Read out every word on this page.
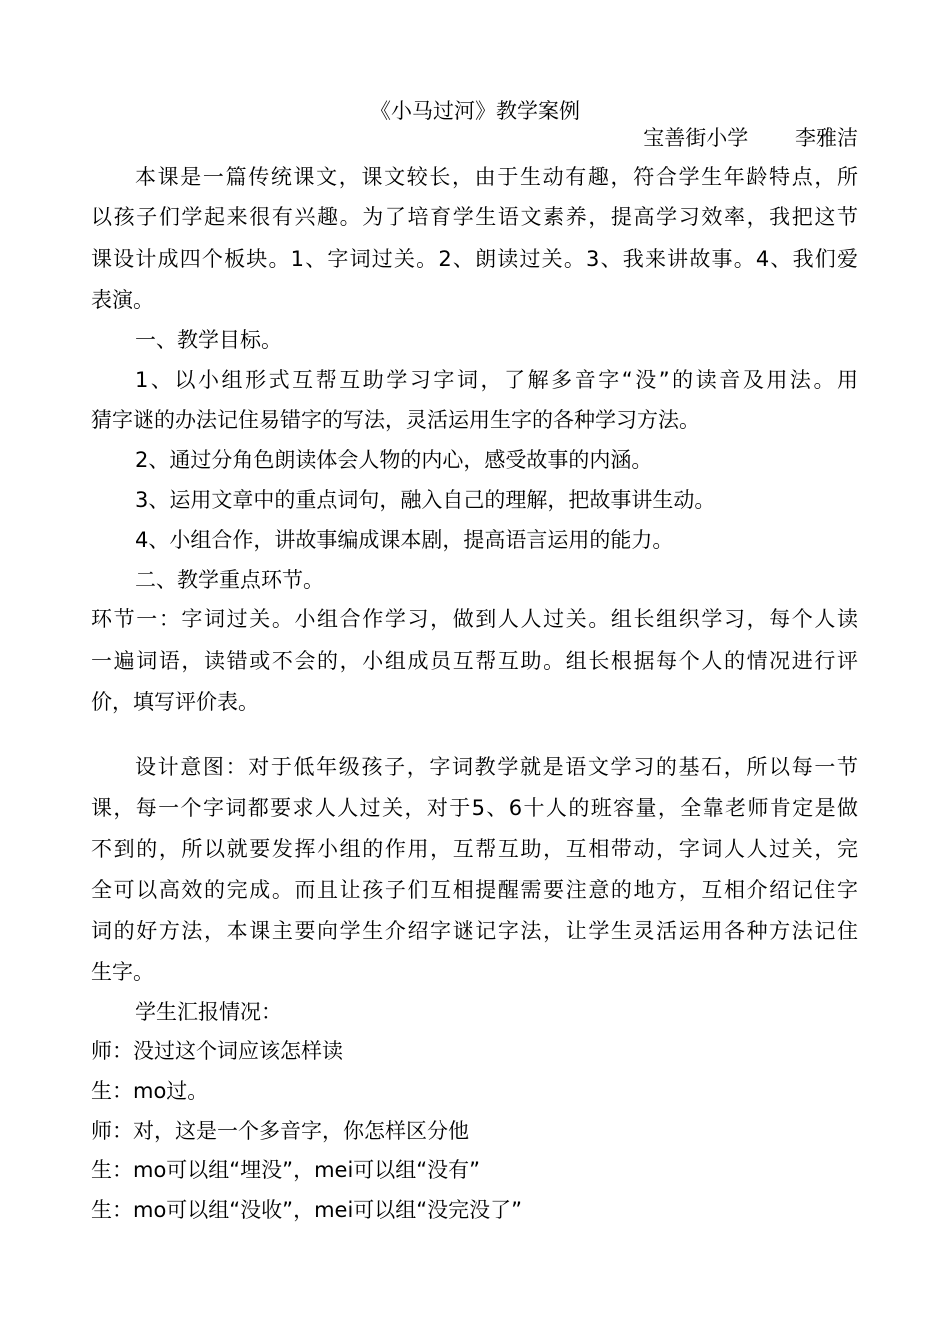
《小马过河》教学案例
宝善街小学 李雅洁
本课是一篇传统课文，课文较长，由于生动有趣，符合学生年龄特点，所
以孩子们学起来很有兴趣。为了培育学生语文素养，提高学习效率，我把这节
课设计成四个板块。1、字词过关。2、朗读过关。3、我来讲故事。4、我们爱
表演。
一、教学目标。
1、以小组形式互帮互助学习字词，了解多音字“没”的读音及用法。用
猜字谜的办法记住易错字的写法，灵活运用生字的各种学习方法。
2、通过分角色朗读体会人物的内心，感受故事的内涵。
3、运用文章中的重点词句，融入自己的理解，把故事讲生动。
4、小组合作，讲故事编成课本剧，提高语言运用的能力。
二、教学重点环节。
环节一：字词过关。小组合作学习，做到人人过关。组长组织学习，每个人读
一遍词语，读错或不会的，小组成员互帮互助。组长根据每个人的情况进行评
价，填写评价表。
设计意图：对于低年级孩子，字词教学就是语文学习的基石，所以每一节
课，每一个字词都要求人人过关，对于5、6十人的班容量，全靠老师肯定是做
不到的，所以就要发挥小组的作用，互帮互助，互相带动，字词人人过关，完
全可以高效的完成。而且让孩子们互相提醒需要注意的地方，互相介绍记住字
词的好方法，本课主要向学生介绍字谜记字法，让学生灵活运用各种方法记住
生字。
学生汇报情况：
师：没过这个词应该怎样读
生：mo过。
师：对，这是一个多音字，你怎样区分他
生：mo可以组“埋没”，mei可以组“没有”
生：mo可以组“没收”，mei可以组“没完没了”
